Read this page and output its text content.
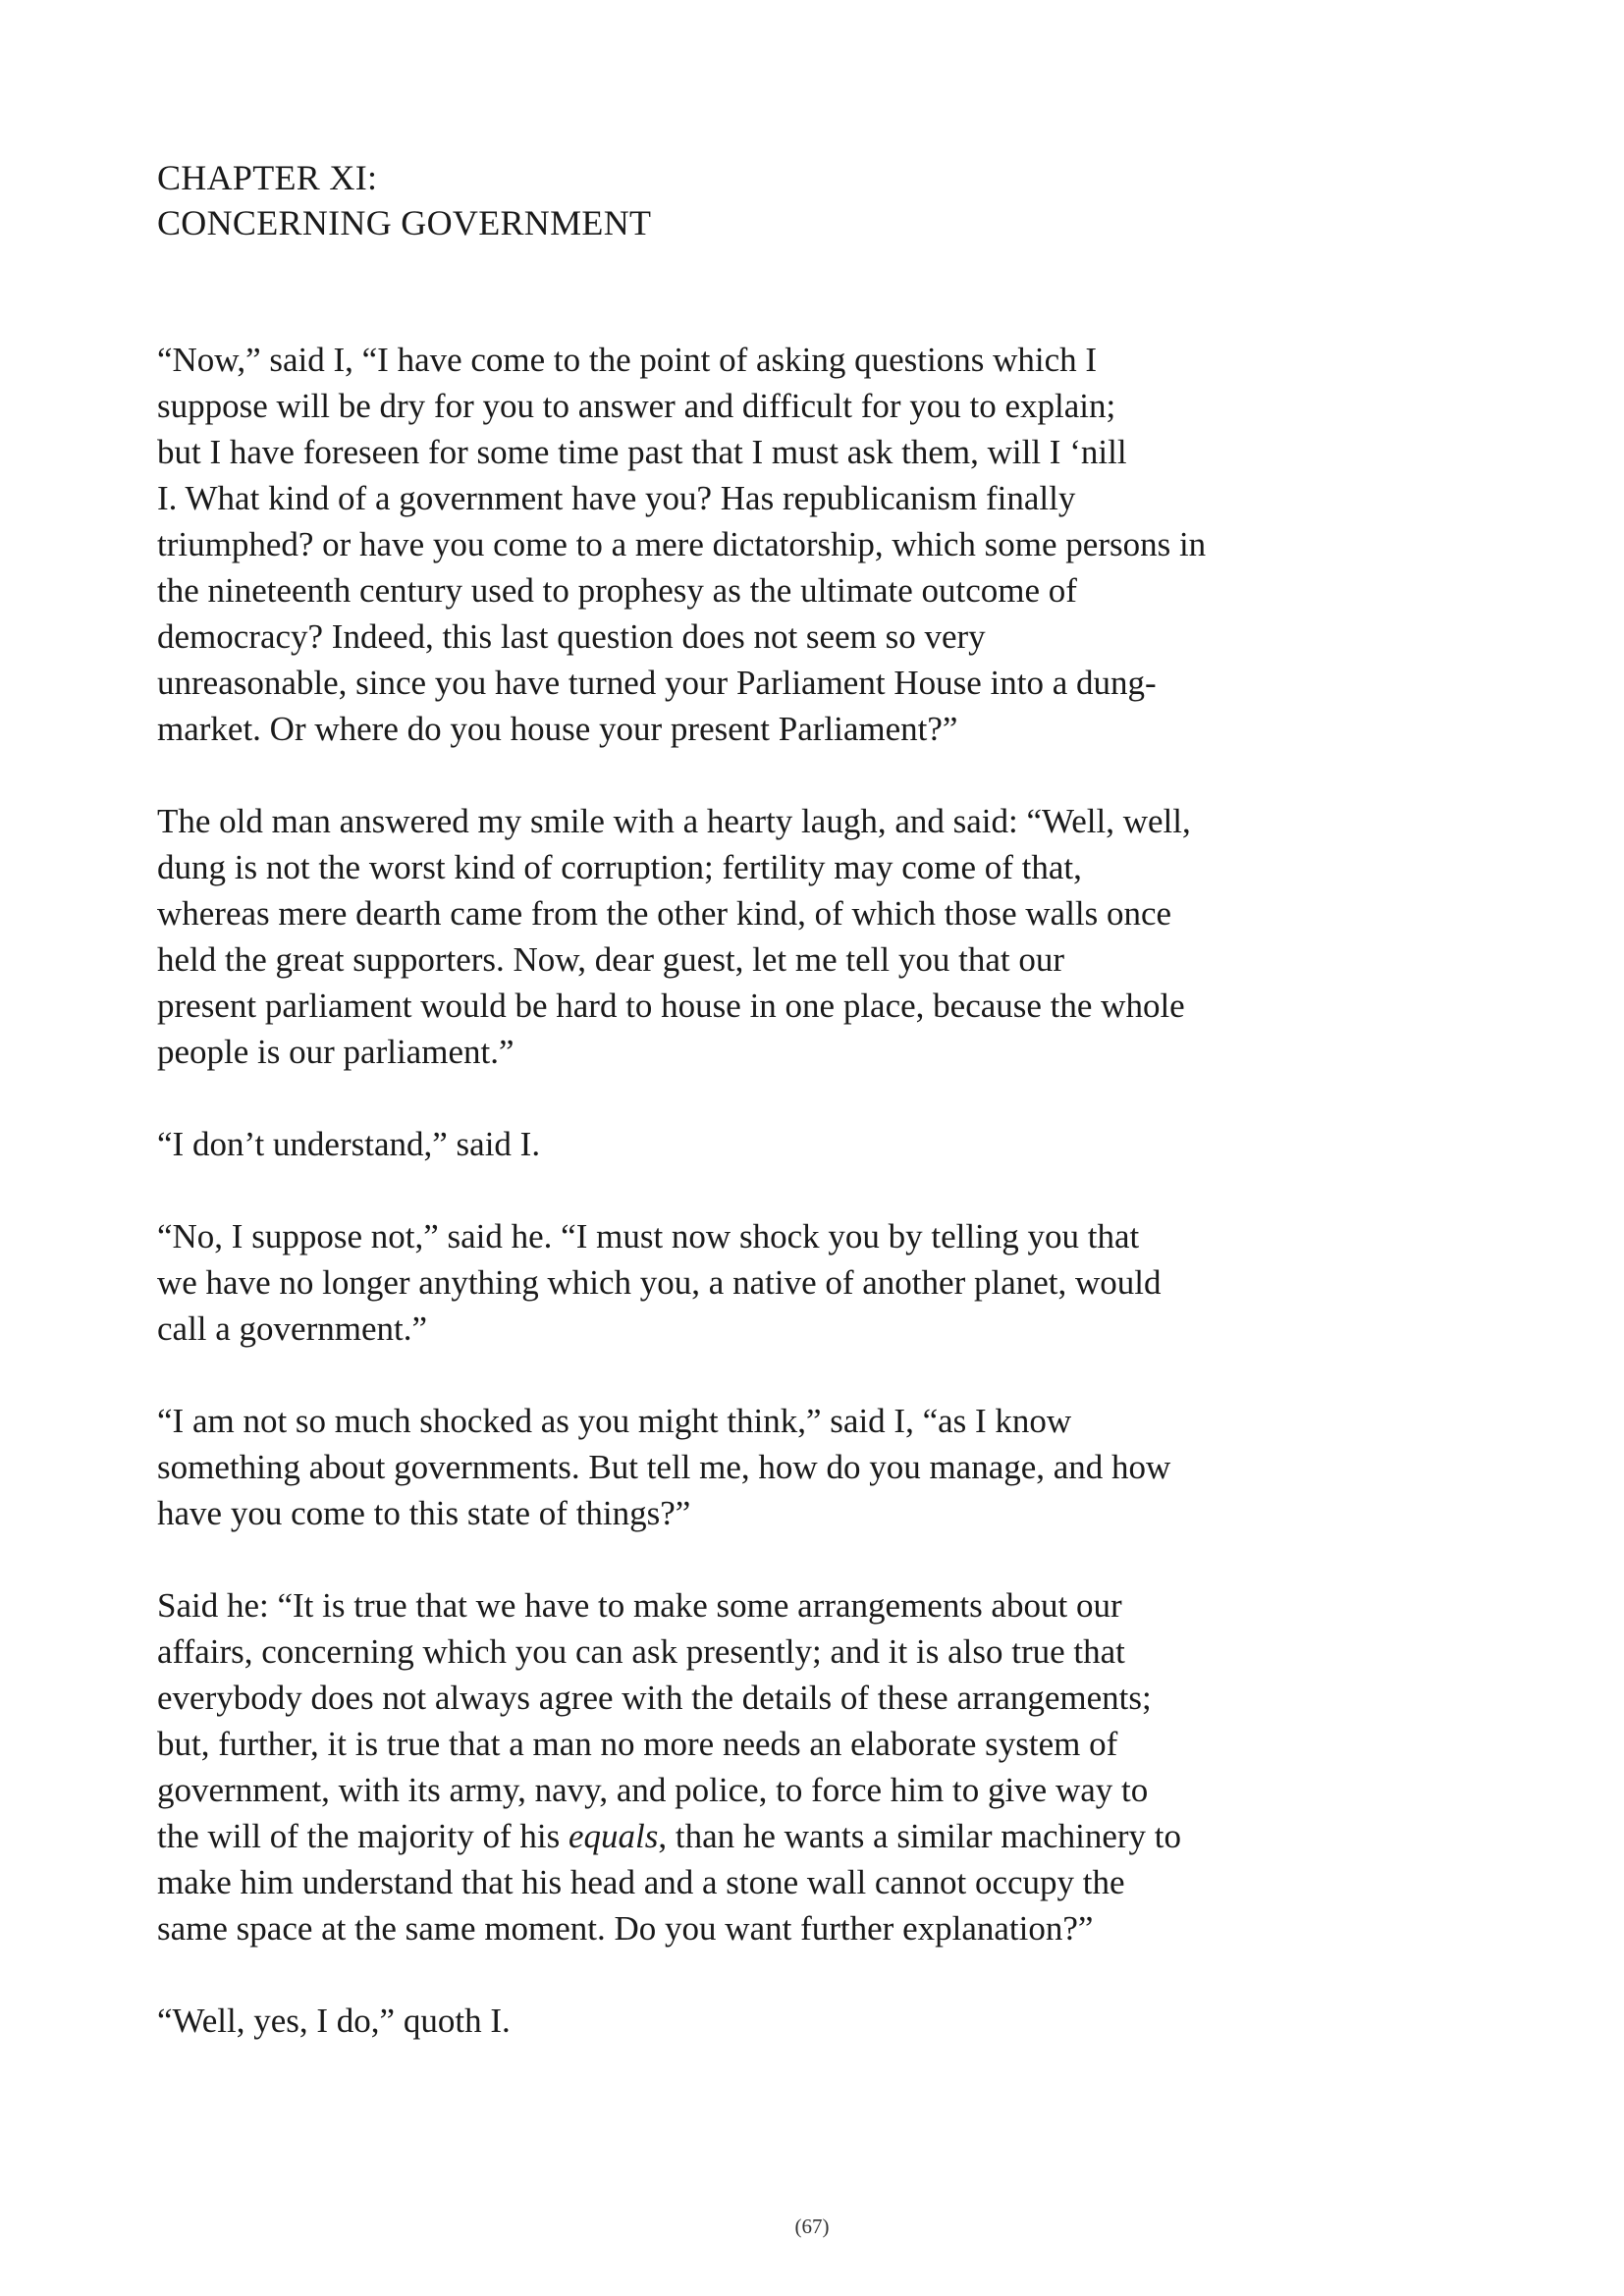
CHAPTER XI:
CONCERNING GOVERNMENT

“Now,” said I, “I have come to the point of asking questions which I
suppose will be dry for you to answer and difficult for you to explain;
but I have foreseen for some time past that I must ask them, will I ‘nill
I. What kind of a government have you? Has republicanism finally
triumphed? or have you come to a mere dictatorship, which some persons in
the nineteenth century used to prophesy as the ultimate outcome of
democracy? Indeed, this last question does not seem so very
unreasonable, since you have turned your Parliament House into a dung-
market. Or where do you house your present Parliament?”

The old man answered my smile with a hearty laugh, and said: “Well, well,
dung is not the worst kind of corruption; fertility may come of that,
whereas mere dearth came from the other kind, of which those walls once
held the great supporters. Now, dear guest, let me tell you that our
present parliament would be hard to house in one place, because the whole
people is our parliament.”

“I don’t understand,” said I.

“No, I suppose not,” said he. “I must now shock you by telling you that
we have no longer anything which you, a native of another planet, would
call a government.”

“I am not so much shocked as you might think,” said I, “as I know
something about governments. But tell me, how do you manage, and how
have you come to this state of things?”

Said he: “It is true that we have to make some arrangements about our
affairs, concerning which you can ask presently; and it is also true that
everybody does not always agree with the details of these arrangements;
but, further, it is true that a man no more needs an elaborate system of
government, with its army, navy, and police, to force him to give way to
the will of the majority of his equals, than he wants a similar machinery to
make him understand that his head and a stone wall cannot occupy the
same space at the same moment. Do you want further explanation?”

“Well, yes, I do,” quoth I.

(67)
